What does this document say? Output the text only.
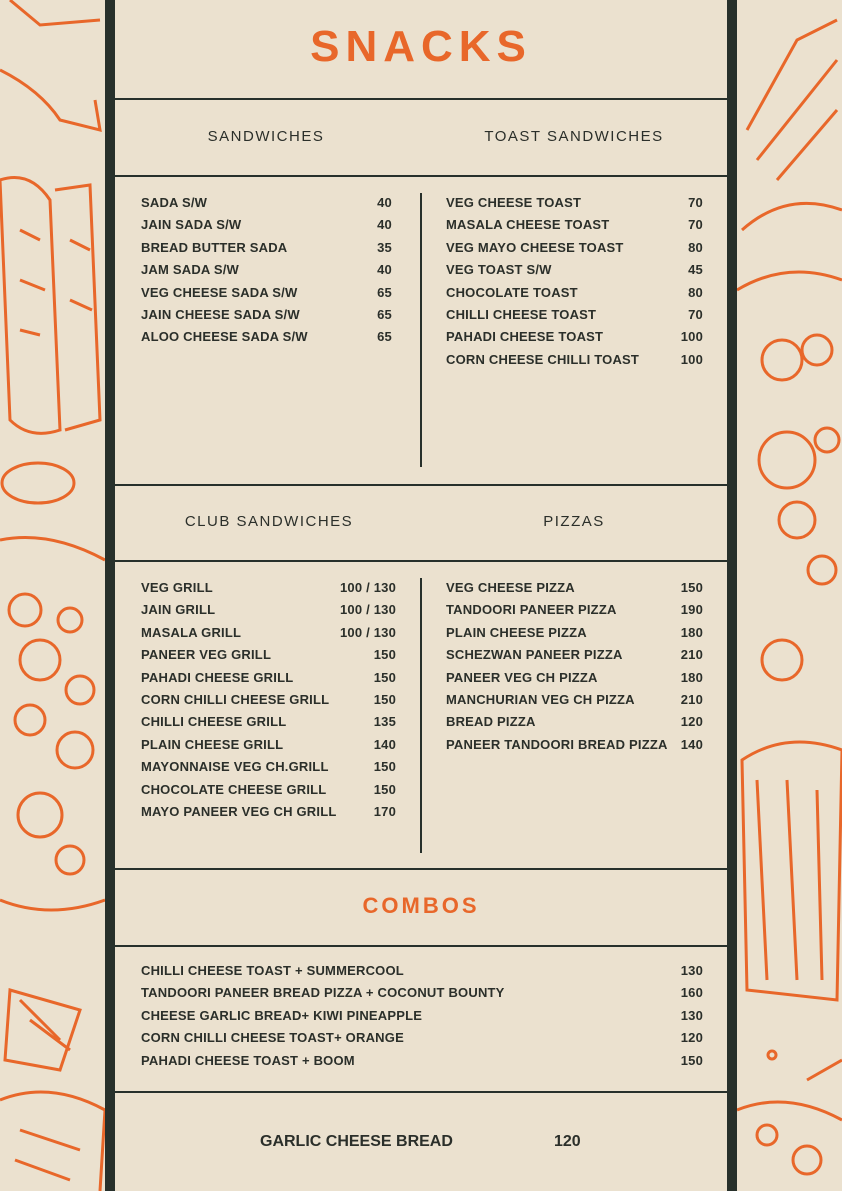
SNACKS
SANDWICHES	TOAST SANDWICHES
CLUB SANDWICHES	PIZZAS
COMBOS
SADA S/W	40
JAIN SADA S/W	40
BREAD BUTTER SADA	35
JAM SADA S/W	40
VEG CHEESE SADA S/W	65
JAIN CHEESE SADA S/W	65
ALOO CHEESE SADA S/W	65
VEG CHEESE TOAST	70
MASALA CHEESE TOAST	70
VEG MAYO CHEESE TOAST	80
VEG TOAST S/W	45
CHOCOLATE TOAST	80
CHILLI CHEESE TOAST	70
PAHADI CHEESE TOAST	100
CORN CHEESE CHILLI TOAST	100
VEG GRILL	100 / 130
JAIN GRILL	100 / 130
MASALA GRILL	100 / 130
PANEER VEG GRILL	150
PAHADI CHEESE GRILL	150
CORN CHILLI CHEESE GRILL	150
CHILLI CHEESE GRILL	135
PLAIN CHEESE GRILL	140
MAYONNAISE VEG CH.GRILL	150
CHOCOLATE CHEESE GRILL	150
MAYO PANEER VEG CH GRILL	170
VEG CHEESE PIZZA	150
TANDOORI PANEER PIZZA	190
PLAIN CHEESE PIZZA	180
SCHEZWAN PANEER PIZZA	210
PANEER VEG CH PIZZA	180
MANCHURIAN VEG CH PIZZA	210
BREAD PIZZA	120
PANEER TANDOORI BREAD PIZZA 140
CHILLI CHEESE TOAST + SUMMERCOOL	130
TANDOORI PANEER BREAD PIZZA + COCONUT BOUNTY	160
CHEESE GARLIC BREAD+ KIWI PINEAPPLE	130
CORN CHILLI CHEESE TOAST+ ORANGE	120
PAHADI CHEESE TOAST + BOOM	150
GARLIC CHEESE BREAD	120
